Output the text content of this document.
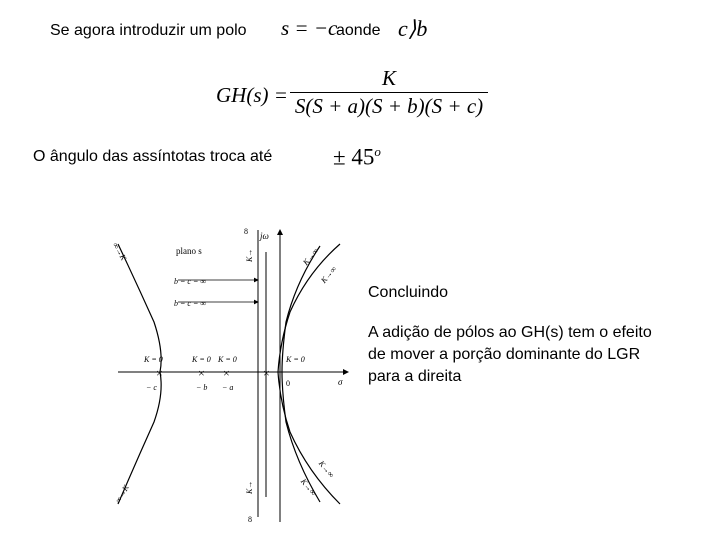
Se agora introduzir um polo s = −c
aonde c⟩b
GH(s) =
K
S(S + a)(S + b)(S + c)
O ângulo das assíntotas troca até	± $45^o$
×	× ×	×
plano s
jω
σ
b = c = ∞
b = c = ∞
K = 0	K = 0 K = 0	K = 0
− c	− b − a	0
8
8
K→
K→
∞→K
∞→K
K→∞
K→∞
K→∞
K→∞
Concluindo
A adição de pólos ao GH(s) tem o efeito
de mover a porção dominante do LGR
para a direita
